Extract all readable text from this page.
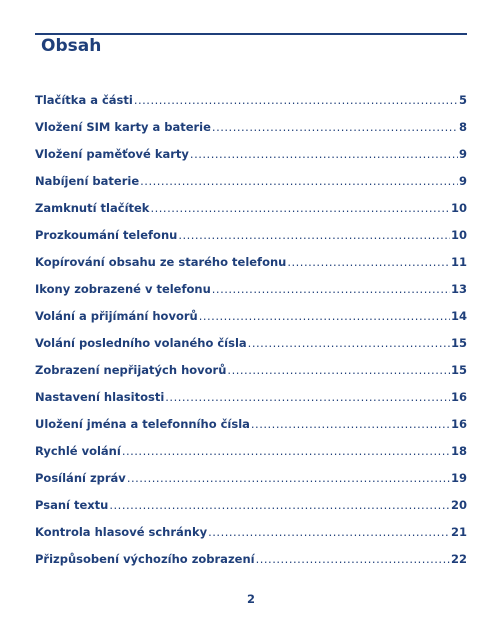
Obsah
Tlačítka a části .....	5
Vložení SIM karty a baterie .....	8
Vložení paměťové karty .....	9
Nabíjení baterie .....	9
Zamknutí tlačítek .....	10
Prozkoumání telefonu .....	10
Kopírování obsahu ze starého telefonu .....	11
Ikony zobrazené v telefonu .....	13
Volání a přijímání hovorů .....	14
Volání posledního volaného čísla .....	15
Zobrazení nepřijatých hovorů .....	15
Nastavení hlasitosti .....	16
Uložení jména a telefonního čísla .....	16
Rychlé volání .....	18
Posílání zpráv .....	19
Psaní textu .....	20
Kontrola hlasové schránky .....	21
Přizpůsobení výchozího zobrazení .....	22
2
